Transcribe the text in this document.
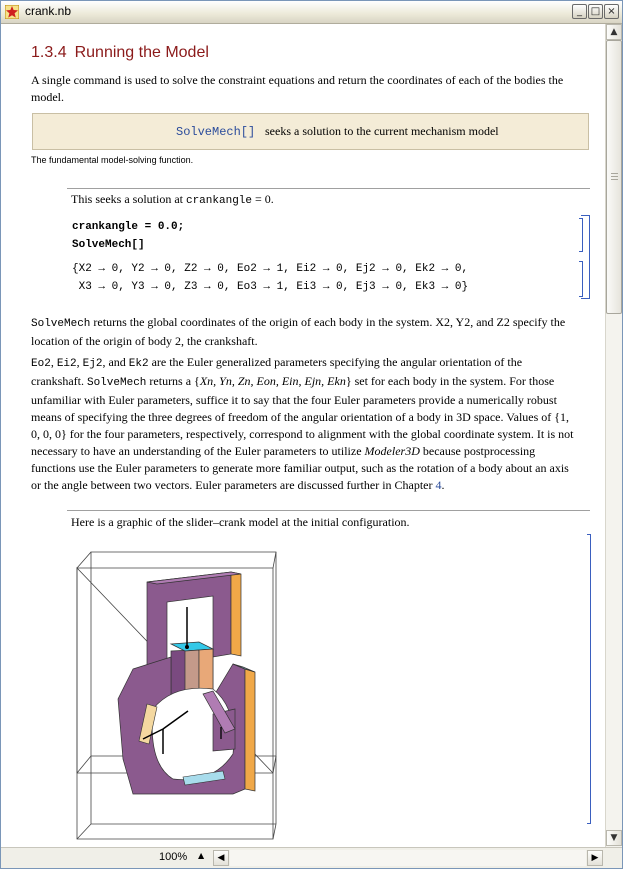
crank.nb	_ □ ×
1.3.4 Running the Model
A single command is used to solve the constraint equations and return the coordinates of each of the bodies the model.
SolveMech[] seeks a solution to the current mechanism model
The fundamental model-solving function.
This seeks a solution at crankangle = 0.
crankangle = 0.0;
SolveMech[]
{X2 → 0, Y2 → 0, Z2 → 0, Eo2 → 1, Ei2 → 0, Ej2 → 0, Ek2 → 0,
X3 → 0, Y3 → 0, Z3 → 0, Eo3 → 1, Ei3 → 0, Ej3 → 0, Ek3 → 0}
SolveMech returns the global coordinates of the origin of each body in the system. X2, Y2, and Z2 specify the location of the origin of body 2, the crankshaft.
Eo2, Ei2, Ej2, and Ek2 are the Euler generalized parameters specifying the angular orientation of the crankshaft. SolveMech returns a {Xn, Yn, Zn, Eon, Ein, Ejn, Ekn} set for each body in the system. For those unfamiliar with Euler parameters, suffice it to say that the four Euler parameters provide a numerically robust means of specifying the three degrees of freedom of the angular orientation of a body in 3D space. Values of {1, 0, 0, 0} for the four parameters, respectively, correspond to alignment with the global coordinate system. It is not necessary to have an understanding of the Euler parameters to utilize Modeler3D because postprocessing functions use the Euler parameters to generate more familiar output, such as the rotation of a body about an axis or the angle between two vectors. Euler parameters are discussed further in Chapter 4.
Here is a graphic of the slider–crank model at the initial configuration.
▲
▼
100% ▲	◀	▶
